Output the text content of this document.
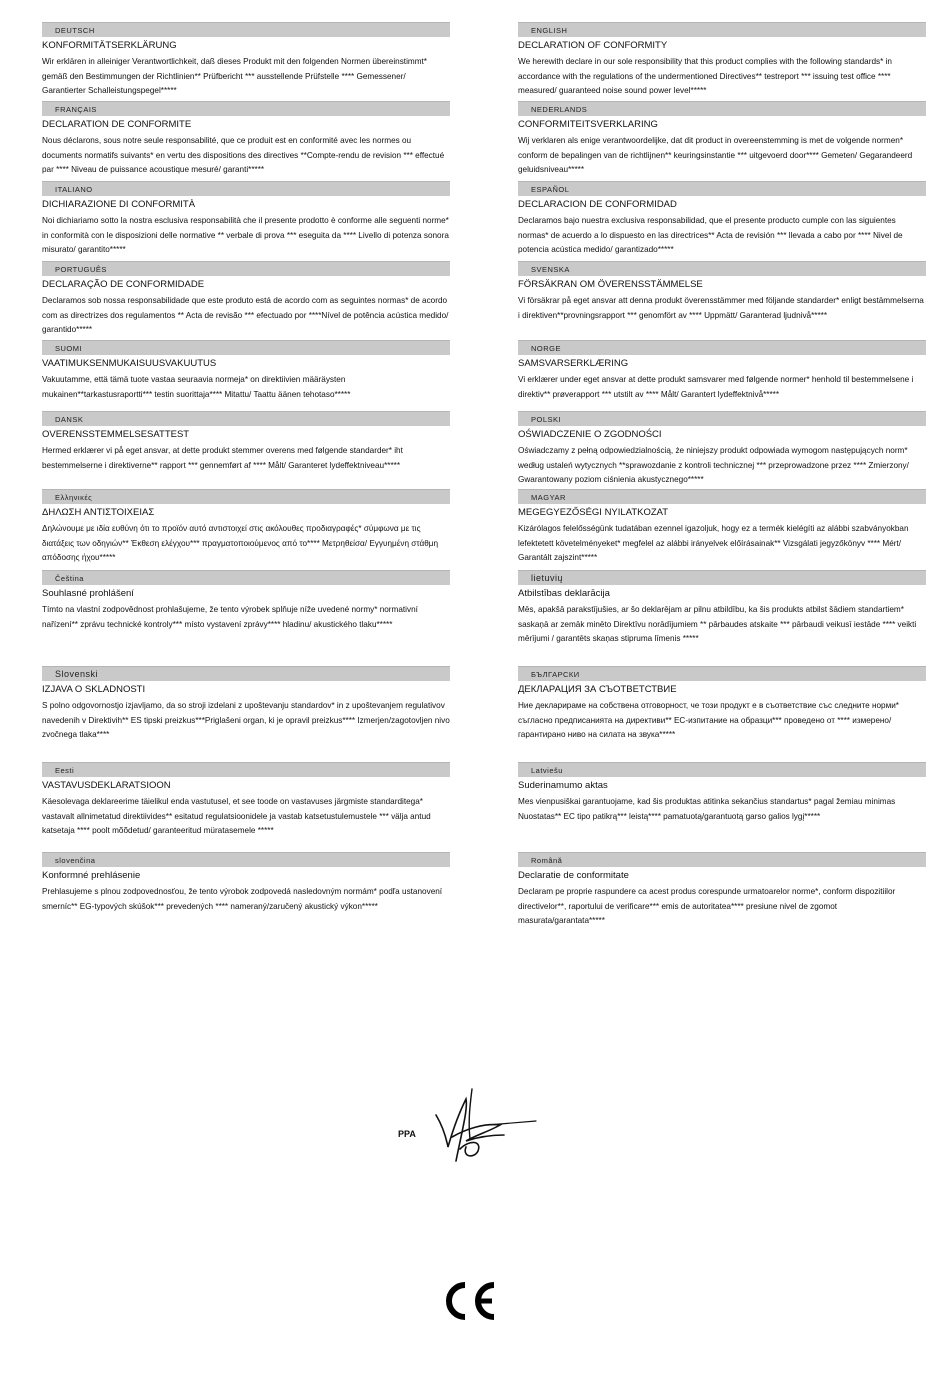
DEUTSCH
KONFORMITÄTSERKLÄRUNG
Wir erklären in alleiniger Verantwortlichkeit, daß dieses Produkt mit den folgenden Normen übereinstimmt* gemäß den Bestimmungen der Richtlinien** Prüfbericht *** ausstellende Prüfstelle **** Gemessener/ Garantierter Schalleistungspegel*****
FRANÇAIS
DECLARATION DE CONFORMITE
Nous déclarons, sous notre seule responsabilité, que ce produit est en conformité avec les normes ou documents normatifs suivants* en vertu des dispositions des directives **Compte-rendu de revision *** effectué par **** Niveau de puissance acoustique mesuré/ garanti*****
ITALIANO
DICHIARAZIONE DI CONFORMITÀ
Noi dichiariamo sotto la nostra esclusiva responsabilità che il presente prodotto è conforme alle seguenti norme* in conformità con le disposizioni delle normative ** verbale di prova *** eseguita da **** Livello di potenza sonora misurato/ garantito*****
PORTUGUÊS
DECLARAÇÃO DE CONFORMIDADE
Declaramos sob nossa responsabilidade que este produto está de acordo com as seguintes normas* de acordo com as directrizes dos regulamentos ** Acta de revisão *** efectuado por ****Nível de potência acústica medido/ garantido*****
SUOMI
VAATIMUKSENMUKAISUUSVAKUUTUS
Vakuutamme, että tämä tuote vastaa seuraavia normeja* on direktiivien määräysten mukainen**tarkastusraportti*** testin suorittaja**** Mitattu/ Taattu äänen tehotaso*****
DANSK
OVERENSSTEMMELSESATTEST
Hermed erklærer vi på eget ansvar, at dette produkt stemmer overens med følgende standarder* iht bestemmelserne i direktiverne** rapport *** gennemført af **** Målt/ Garanteret lydeffektniveau*****
Ελληνικές
ΔΗΛΩΣΗ ΑΝΤΙΣΤΟΙΧΕΙΑΣ
Δηλώνουμε με ιδία ευθύνη ότι το προϊόν αυτό αντιστοιχεί στις ακόλουθες προδιαγραφές* σύμφωνα με τις διατάξεις των οδηγιών** Έκθεση ελέγχου*** πραγματοποιούμενος από το**** Μετρηθείσα/ Εγγυημένη στάθμη απόδοσης ήχου*****
Čeština
Souhlasné prohlášení
Tímto na vlastní zodpovědnost prohlašujeme, že tento výrobek splňuje níže uvedené normy* normativní nařízení** zprávu technické kontroly*** místo vystavení zprávy**** hladinu/ akustického tlaku*****
Slovenski
IZJAVA O SKLADNOSTI
S polno odgovornostjo izjavljamo, da so stroji izdelani z upoštevanju standardov* in z upoštevanjem regulativov navedenih v Direktivih** ES tipski preizkus***Priglašeni organ, ki je opravil preizkus**** Izmerjen/zagotovljen nivo zvočnega tlaka****
Eesti
VASTAVUSDEKLARATSIOON
Käesolevaga deklareerime täielikul enda vastutusel, et see toode on vastavuses järgmiste standarditega* vastavalt allnimetatud direktiivides** esitatud regulatsioonidele ja vastab katsetustulemustele *** välja antud katsetaja **** poolt mõõdetud/ garanteeritud müratasemele *****
slovenčina
Konformné prehlásenie
Prehlasujeme s plnou zodpovednosťou, že tento výrobok zodpovedá nasledovným normám* podľa ustanovení smerníc** EG-typových skúšok*** prevedených **** nameraný/zaručený akustický výkon*****
ENGLISH
DECLARATION OF CONFORMITY
We herewith declare in our sole responsibility that this product complies with the following standards* in accordance with the regulations of the undermentioned Directives** testreport *** issuing test office **** measured/ guaranteed noise sound power level*****
NEDERLANDS
CONFORMITEITSVERKLARING
Wij verklaren als enige verantwoordelijke, dat dit product in overeenstemming is met de volgende normen* conform de bepalingen van de richtlijnen** keuringsinstantie *** uitgevoerd door**** Gemeten/ Gegarandeerd geluidsniveau*****
ESPAÑOL
DECLARACION DE CONFORMIDAD
Declaramos bajo nuestra exclusiva responsabilidad, que el presente producto cumple con las siguientes normas* de acuerdo a lo dispuesto en las directrices** Acta de revisión *** llevada a cabo por **** Nivel de potencia acústica medido/ garantizado*****
SVENSKA
FÖRSÄKRAN OM ÖVERENSSTÄMMELSE
Vi försäkrar på eget ansvar att denna produkt överensstämmer med följande standarder* enligt bestämmelserna i direktiven**provningsrapport *** genomfört av **** Uppmätt/ Garanterad ljudnivå*****
NORGE
SAMSVARSERKLÆRING
Vi erklærer under eget ansvar at dette produkt samsvarer med følgende normer* henhold til bestemmelsene i direktiv** prøverapport *** utstilt av **** Målt/ Garantert lydeffektnivå*****
POLSKI
OŚWIADCZENIE O ZGODNOŚCI
Oświadczamy z pełną odpowiedzialnością, że niniejszy produkt odpowiada wymogom następujących norm* według ustaleń wytycznych **sprawozdanie z kontroli technicznej *** przeprowadzone przez **** Zmierzony/ Gwarantowany poziom ciśnienia akustycznego*****
MAGYAR
MEGEGYEZŐSÉGI NYILATKOZAT
Kizárólagos felelősségünk tudatában ezennel igazoljuk, hogy ez a termék kielégíti az alábbi szabványokban lefektetett követelményeket* megfelel az alábbi irányelvek előírásainak** Vizsgálati jegyzőkönyv **** Mért/ Garantált zajszint*****
lietuvių
Atbilstības deklarācija
Mēs, apakšā parakstījušies, ar šo deklarējam ar pilnu atbildību, ka šis produkts atbilst šādiem standartiem* saskaņā ar zemāk minēto Direktīvu norādījumiem ** pārbaudes atskaite *** pārbaudi veikusī iestāde **** veikti mērījumi / garantēts skaņas stipruma līmenis *****
БЪЛГАРСКИ
ДЕКЛАРАЦИЯ ЗА СЪОТВЕТСТВИЕ
Ние декларираме на собствена отговорност, че този продукт е в съответствие със следните норми* съгласно предписанията на директиви** ЕС-изпитание на образци*** проведено от **** измерено/ гарантирано ниво на силата на звука*****
Latviešu
Suderinamumo aktas
Mes vienpusiškai garantuojame, kad šis produktas atitinka sekančius standartus* pagal žemiau minimas Nuostatas** EC tipo patikrą*** leistą**** pamatuotą/garantuotą garso galios lygį*****
Română
Declaratie de conformitate
Declaram pe proprie raspundere ca acest produs corespunde urmatoarelor norme*, conform dispozitiilor directivelor**, raportului de verificare*** emis de autoritatea**** presiune nivel de zgomot masurata/garantata*****
PPA
